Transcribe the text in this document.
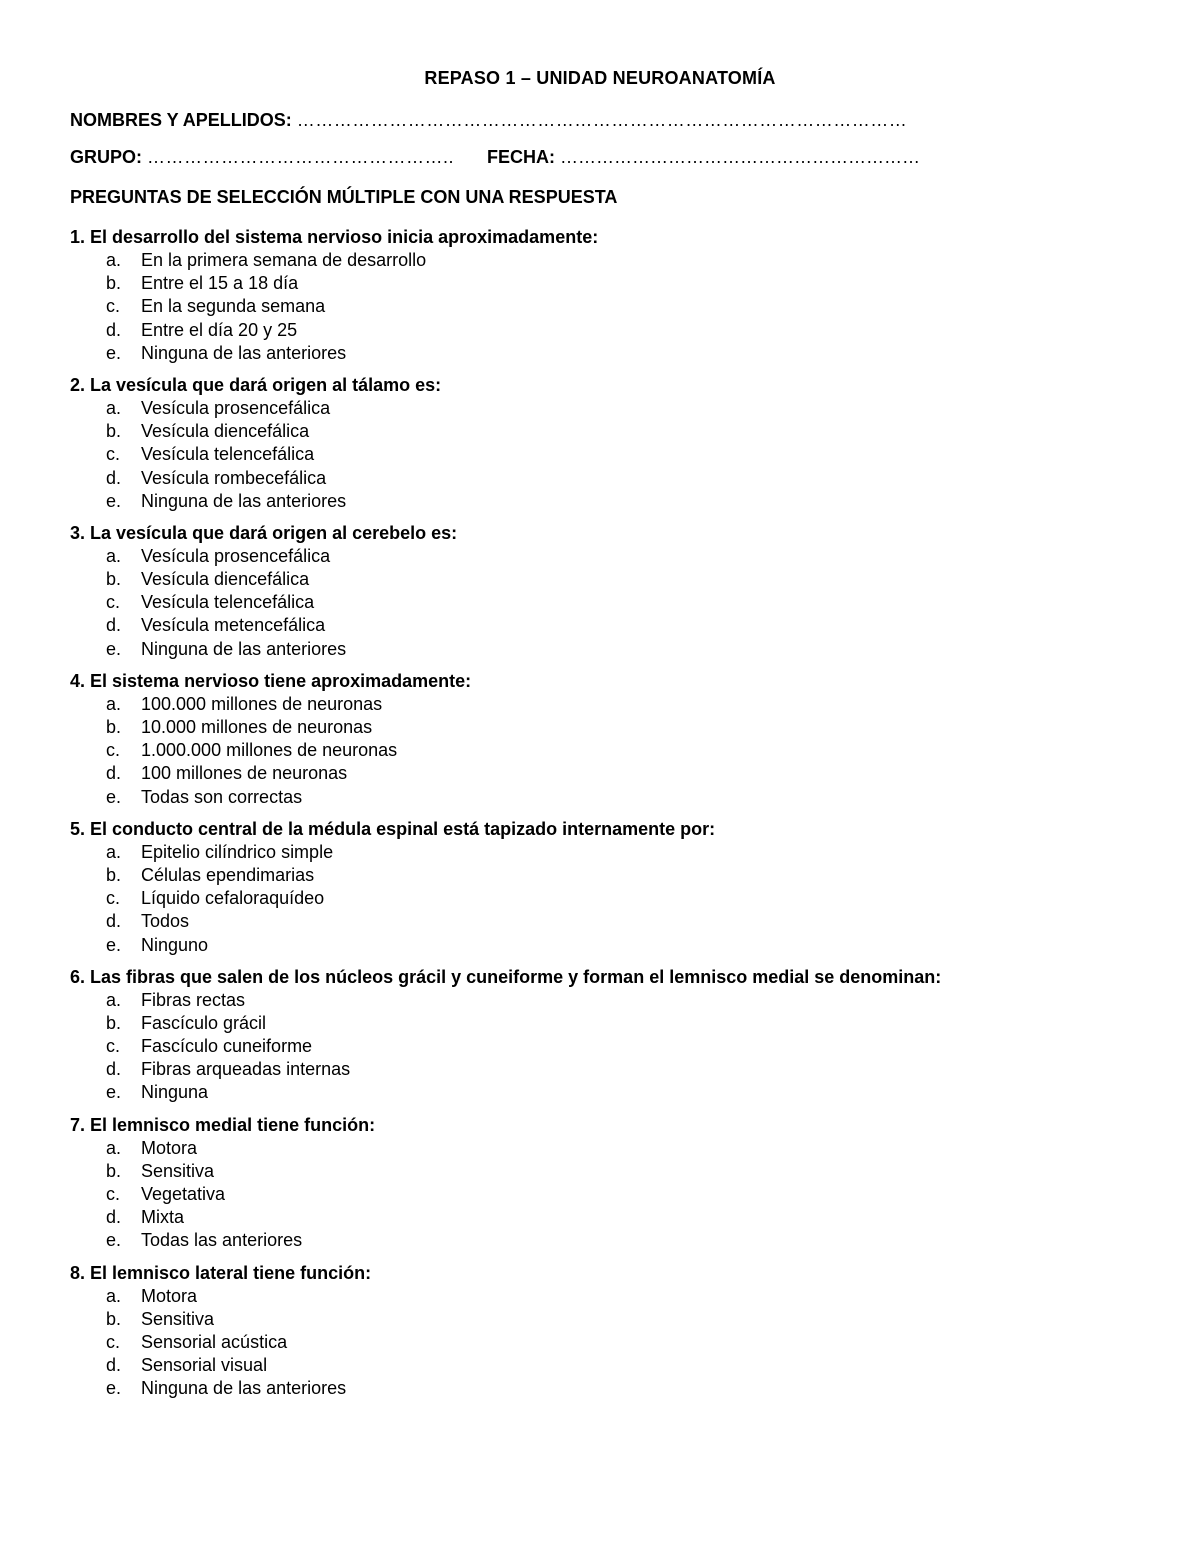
REPASO 1 – UNIDAD NEUROANATOMÍA
NOMBRES Y APELLIDOS: ………………………………………………………………………………………
GRUPO: ………………………………………….. FECHA: ……………………………………………………
PREGUNTAS DE SELECCIÓN MÚLTIPLE CON UNA RESPUESTA
1. El desarrollo del sistema nervioso inicia aproximadamente:
a. En la primera semana de desarrollo
b. Entre el 15 a 18 día
c. En la segunda semana
d. Entre el día 20 y 25
e. Ninguna de las anteriores
2. La vesícula que dará origen al tálamo es:
a. Vesícula prosencefálica
b. Vesícula diencefálica
c. Vesícula telencefálica
d. Vesícula rombecefálica
e. Ninguna de las anteriores
3. La vesícula que dará origen al cerebelo es:
a. Vesícula prosencefálica
b. Vesícula diencefálica
c. Vesícula telencefálica
d. Vesícula metencefálica
e. Ninguna de las anteriores
4. El sistema nervioso tiene aproximadamente:
a. 100.000 millones de neuronas
b. 10.000 millones de neuronas
c. 1.000.000 millones de neuronas
d. 100 millones de neuronas
e. Todas son correctas
5. El conducto central de la médula espinal está tapizado internamente por:
a. Epitelio cilíndrico simple
b. Células ependimarias
c. Líquido cefaloraquídeo
d. Todos
e. Ninguno
6. Las fibras que salen de los núcleos grácil y cuneiforme y forman el lemnisco medial se denominan:
a. Fibras rectas
b. Fascículo grácil
c. Fascículo cuneiforme
d. Fibras arqueadas internas
e. Ninguna
7. El lemnisco medial tiene función:
a. Motora
b. Sensitiva
c. Vegetativa
d. Mixta
e. Todas las anteriores
8. El lemnisco lateral tiene función:
a. Motora
b. Sensitiva
c. Sensorial acústica
d. Sensorial visual
e. Ninguna de las anteriores
